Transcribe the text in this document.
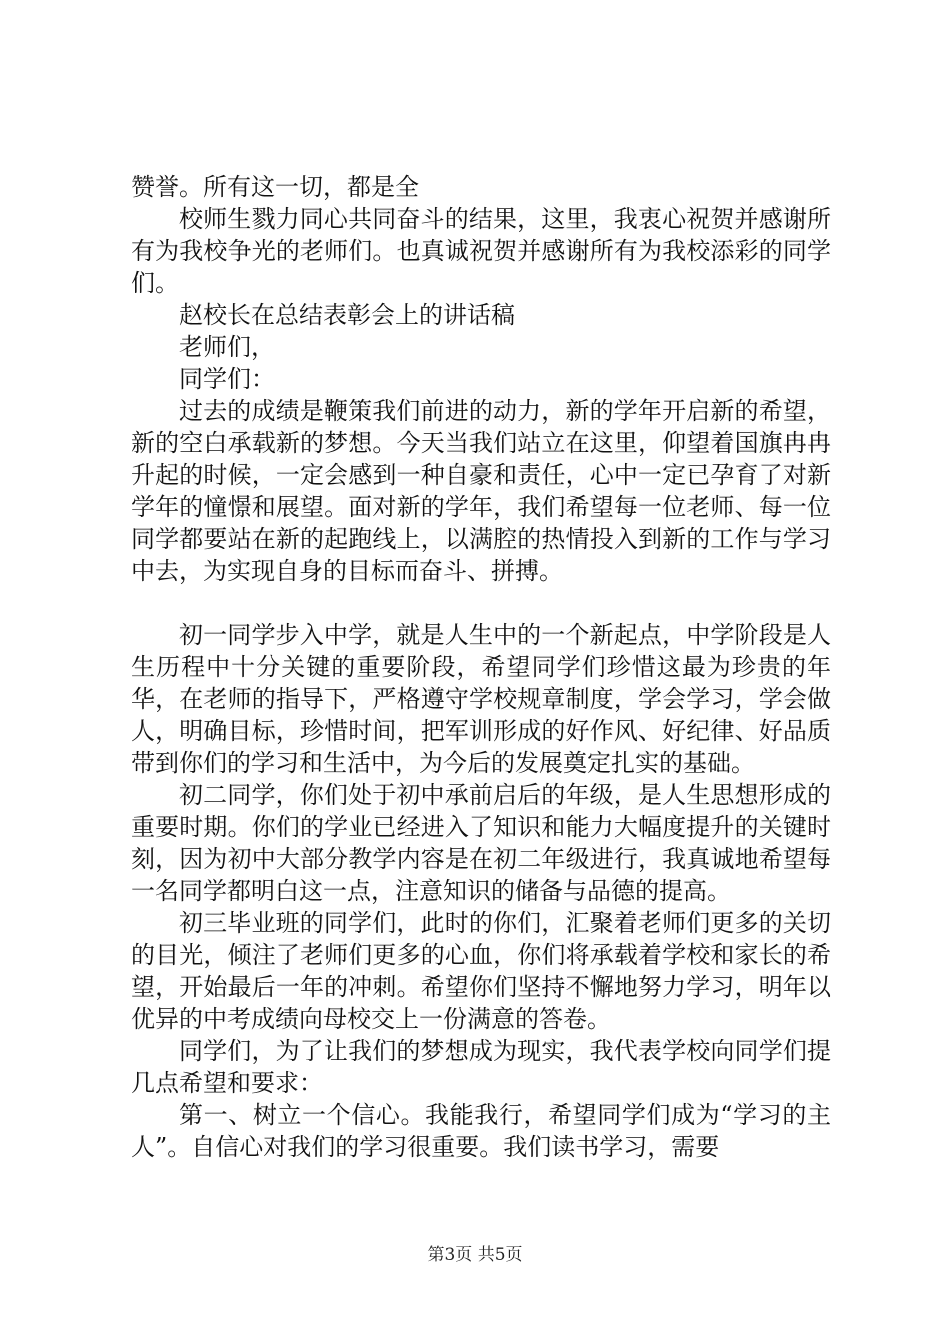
赞誉。所有这一切，都是全

校师生戮力同心共同奋斗的结果，这里，我衷心祝贺并感谢所有为我校争光的老师们。也真诚祝贺并感谢所有为我校添彩的同学们。

赵校长在总结表彰会上的讲话稿

老师们，

同学们：

过去的成绩是鞭策我们前进的动力，新的学年开启新的希望，新的空白承载新的梦想。今天当我们站立在这里，仰望着国旗冉冉升起的时候，一定会感到一种自豪和责任，心中一定已孕育了对新学年的憧憬和展望。面对新的学年，我们希望每一位老师、每一位同学都要站在新的起跑线上，以满腔的热情投入到新的工作与学习中去，为实现自身的目标而奋斗、拼搏。

初一同学步入中学，就是人生中的一个新起点，中学阶段是人生历程中十分关键的重要阶段，希望同学们珍惜这最为珍贵的年华，在老师的指导下，严格遵守学校规章制度，学会学习，学会做人，明确目标，珍惜时间，把军训形成的好作风、好纪律、好品质带到你们的学习和生活中，为今后的发展奠定扎实的基础。

初二同学，你们处于初中承前启后的年级，是人生思想形成的重要时期。你们的学业已经进入了知识和能力大幅度提升的关键时刻，因为初中大部分教学内容是在初二年级进行，我真诚地希望每一名同学都明白这一点，注意知识的储备与品德的提高。

初三毕业班的同学们，此时的你们，汇聚着老师们更多的关切的目光，倾注了老师们更多的心血，你们将承载着学校和家长的希望，开始最后一年的冲刺。希望你们坚持不懈地努力学习，明年以优异的中考成绩向母校交上一份满意的答卷。

同学们，为了让我们的梦想成为现实，我代表学校向同学们提几点希望和要求：

第一、树立一个信心。我能我行，希望同学们成为“学习的主人”。自信心对我们的学习很重要。我们读书学习，需要

第3页 共5页
